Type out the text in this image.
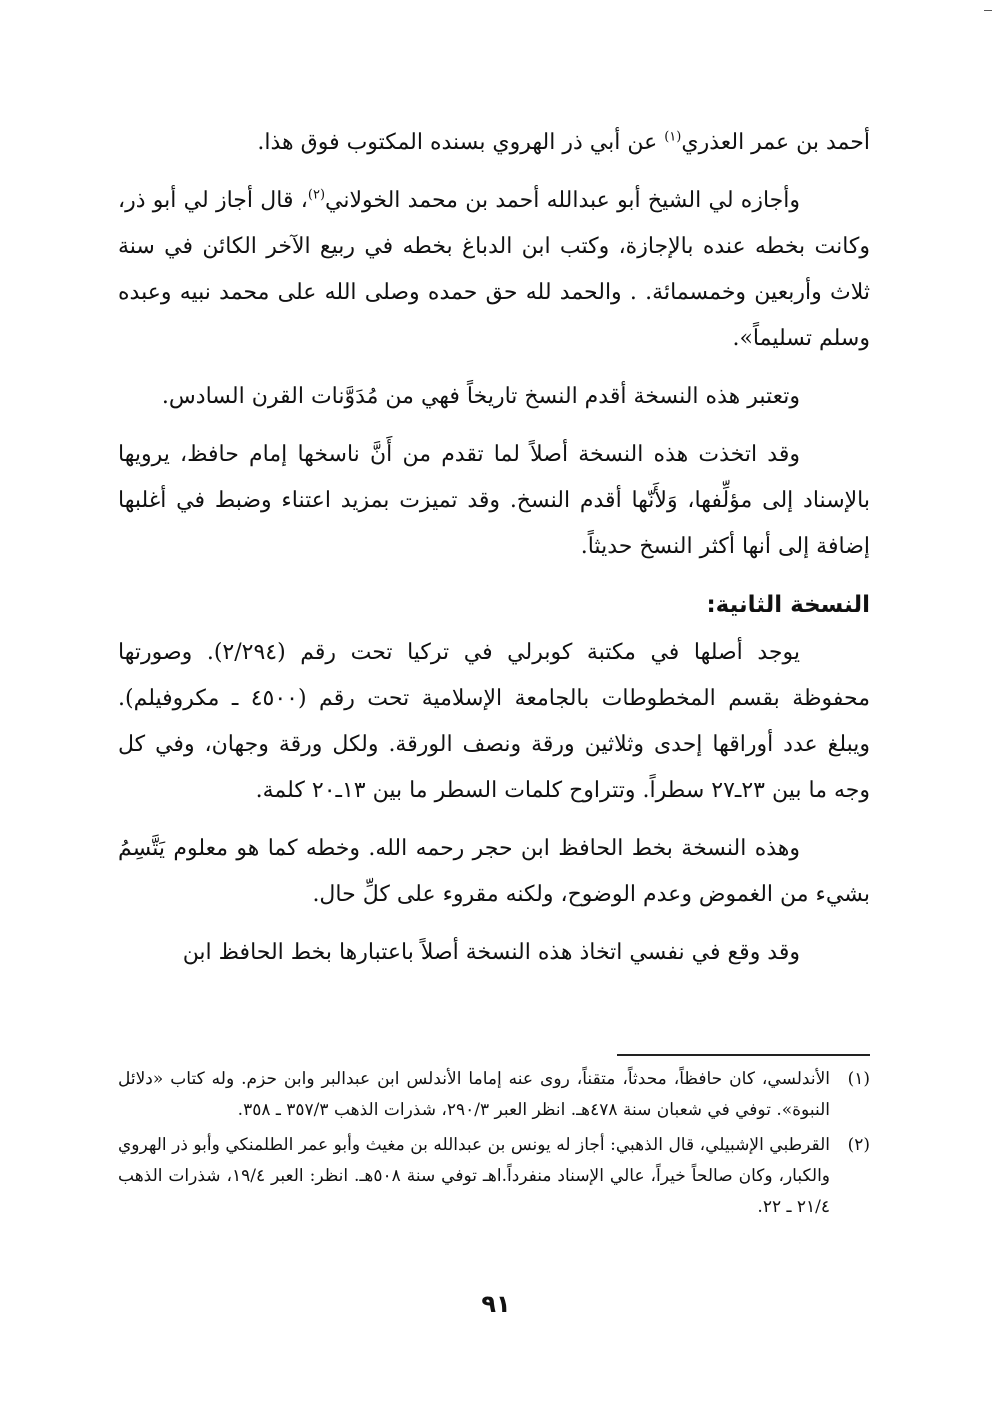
أحمد بن عمر العذري$^{(١)}$ عن أبي ذر الهروي بسنده المكتوب فوق هذا.

وأجازه لي الشيخ أبو عبدالله أحمد بن محمد الخولاني$^{(٢)}$، قال أجاز لي أبو ذر، وكانت بخطه عنده بالإجازة، وكتب ابن الدباغ بخطه في ربيع الآخر الكائن في سنة ثلاث وأربعين وخمسمائة. . والحمد لله حق حمده وصلى الله على محمد نبيه وعبده وسلم تسليماً».

وتعتبر هذه النسخة أقدم النسخ تاريخاً فهي من مُدَوَّنات القرن السادس.

وقد اتخذت هذه النسخة أصلاً لما تقدم من أَنَّ ناسخها إمام حافظ، يرويها بالإسناد إلى مؤلِّفها، وَلأَنّها أقدم النسخ. وقد تميزت بمزيد اعتناء وضبط في أغلبها إضافة إلى أنها أكثر النسخ حديثاً.

النسخة الثانية:

يوجد أصلها في مكتبة كوبرلي في تركيا تحت رقم (٢/٢٩٤). وصورتها محفوظة بقسم المخطوطات بالجامعة الإسلامية تحت رقم (٤٥٠٠ ـ مكروفيلم). ويبلغ عدد أوراقها إحدى وثلاثين ورقة ونصف الورقة. ولكل ورقة وجهان، وفي كل وجه ما بين ٢٣ـ٢٧ سطراً. وتتراوح كلمات السطر ما بين ١٣ـ٢٠ كلمة.

وهذه النسخة بخط الحافظ ابن حجر رحمه الله. وخطه كما هو معلوم يَتَّسِمُ بشيء من الغموض وعدم الوضوح، ولكنه مقروء على كلِّ حال.

وقد وقع في نفسي اتخاذ هذه النسخة أصلاً باعتبارها بخط الحافظ ابن

(١)

الأندلسي، كان حافظاً، محدثاً، متقناً، روى عنه إماما الأندلس ابن عبدالبر وابن حزم. وله كتاب «دلائل النبوة». توفي في شعبان سنة ٤٧٨هـ. انظر العبر ٢٩٠/٣، شذرات الذهب ٣٥٧/٣ ـ ٣٥٨.

(٢)

القرطبي الإشبيلي، قال الذهبي: أجاز له يونس بن عبدالله بن مغيث وأبو عمر الطلمنكي وأبو ذر الهروي والكبار، وكان صالحاً خيراً، عالي الإسناد منفرداً.اهـ توفي سنة ٥٠٨هـ. انظر: العبر ١٩/٤، شذرات الذهب ٢١/٤ ـ ٢٢.

٩١
